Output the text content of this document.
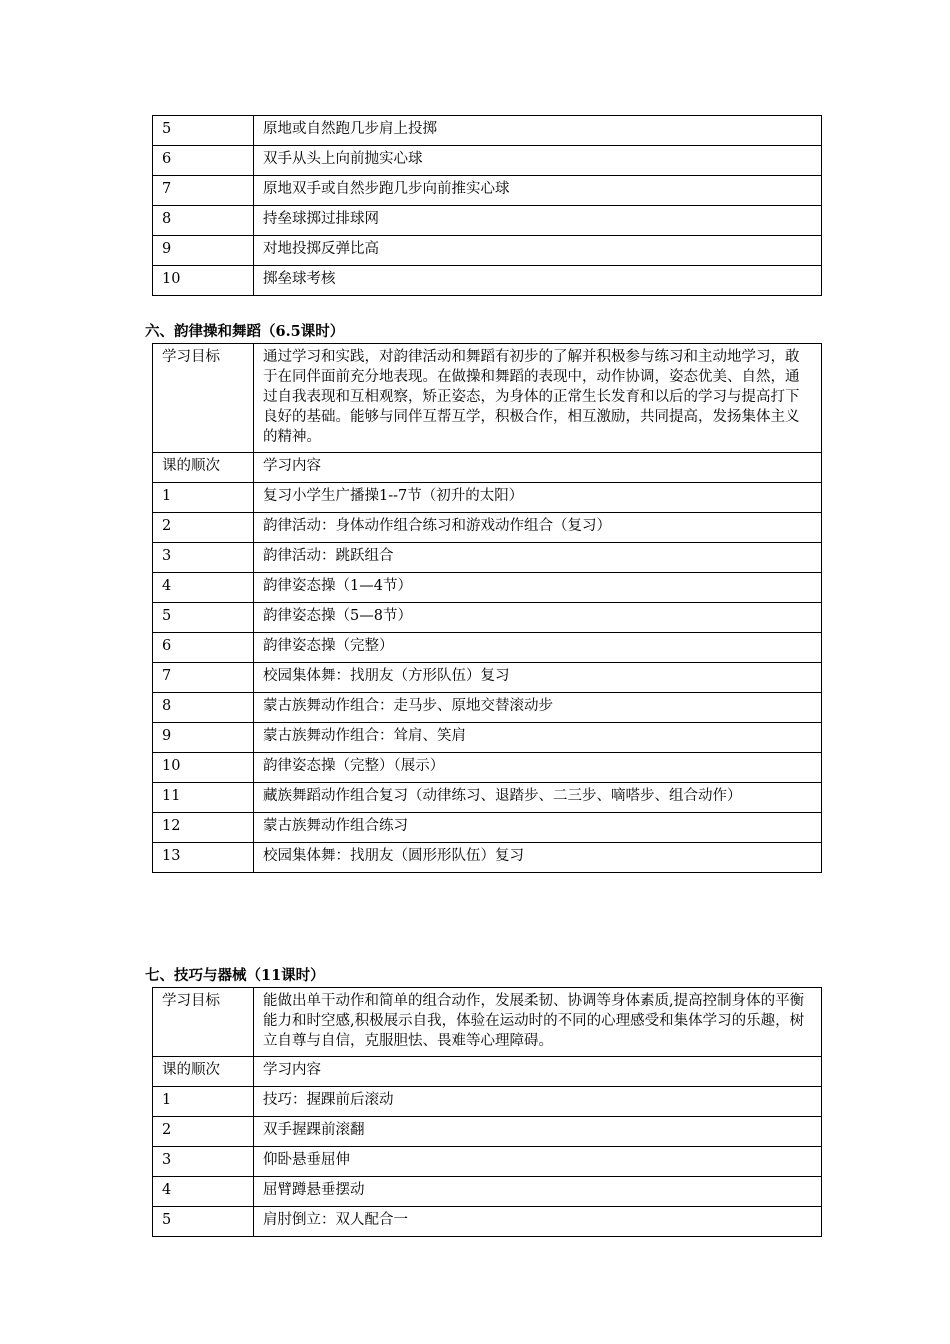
5	原地或自然跑几步肩上投掷
6	双手从头上向前抛实心球
7	原地双手或自然步跑几步向前推实心球
8	持垒球掷过排球网
9	对地投掷反弹比高
10	掷垒球考核
六、韵律操和舞蹈（6.5课时）
学习目标	通过学习和实践，对韵律活动和舞蹈有初步的了解并积极参与练习和主动地学习，敢于在同伴面前充分地表现。在做操和舞蹈的表现中，动作协调，姿态优美、自然，通过自我表现和互相观察，矫正姿态，为身体的正常生长发育和以后的学习与提高打下良好的基础。能够与同伴互帮互学，积极合作，相互激励，共同提高，发扬集体主义的精神。
课的顺次	学习内容
1	复习小学生广播操1--7节（初升的太阳）
2	韵律活动：身体动作组合练习和游戏动作组合（复习）
3	韵律活动：跳跃组合
4	韵律姿态操（1—4节）
5	韵律姿态操（5—8节）
6	韵律姿态操（完整）
7	校园集体舞：找朋友（方形队伍）复习
8	蒙古族舞动作组合：走马步、原地交替滚动步
9	蒙古族舞动作组合：耸肩、笑肩
10	韵律姿态操（完整）（展示）
11	藏族舞蹈动作组合复习（动律练习、退踏步、二三步、嘀嗒步、组合动作）
12	蒙古族舞动作组合练习
13	校园集体舞：找朋友（圆形形队伍）复习
七、技巧与器械（11课时）
学习目标	能做出单干动作和简单的组合动作，发展柔韧、协调等身体素质,提高控制身体的平衡能力和时空感,积极展示自我，体验在运动时的不同的心理感受和集体学习的乐趣，树立自尊与自信，克服胆怯、畏难等心理障碍。
课的顺次	学习内容
1	技巧：握踝前后滚动
2	双手握踝前滚翻
3	仰卧悬垂屈伸
4	屈臂蹲悬垂摆动
5	肩肘倒立：双人配合一
